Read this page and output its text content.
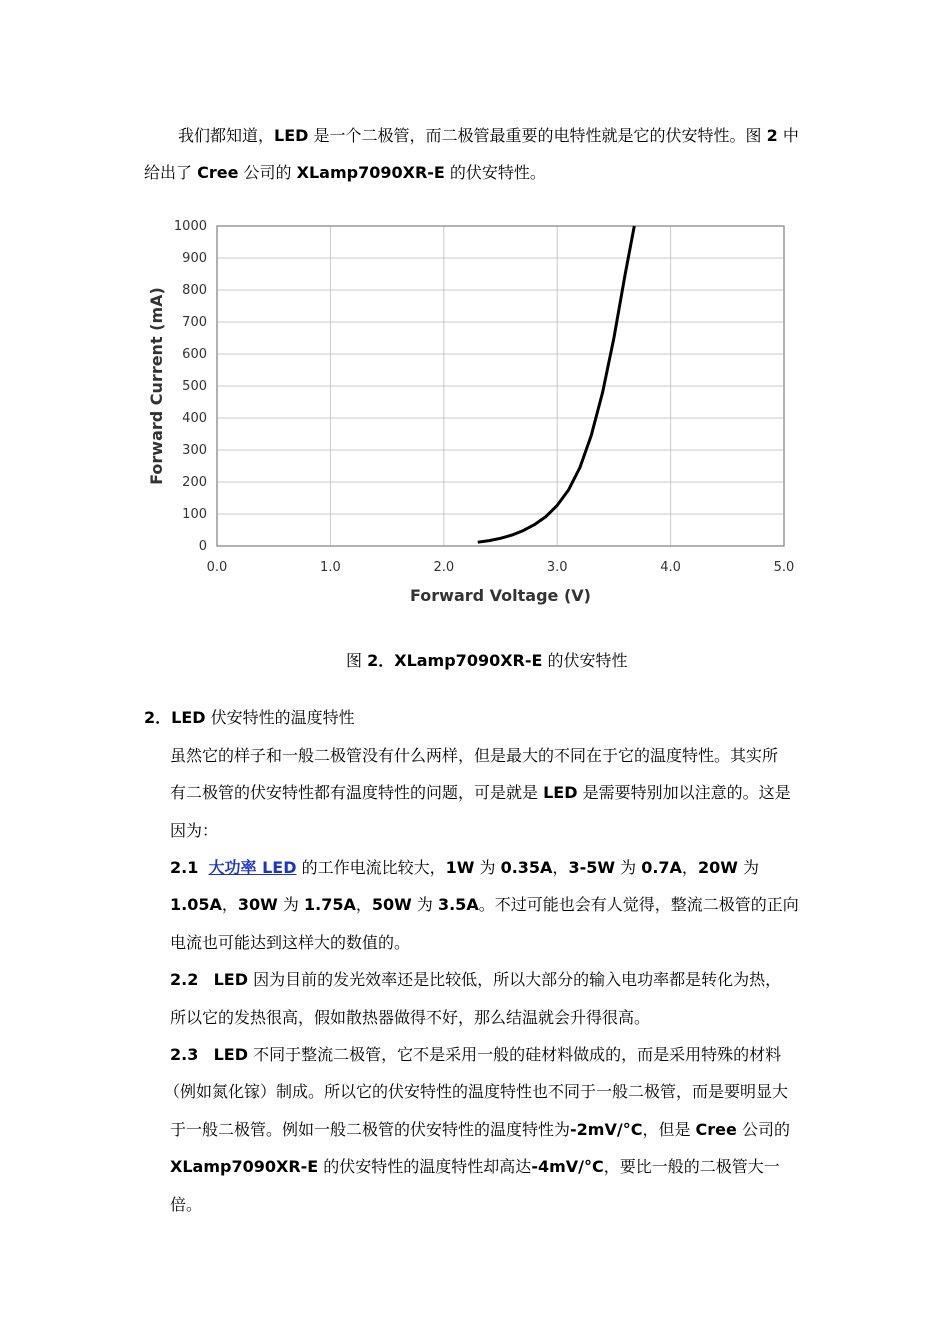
我们都知道，LED 是一个二极管，而二极管最重要的电特性就是它的伏安特性。图 2 中
给出了 Cree 公司的 XLamp7090XR-E 的伏安特性。
0
100
200
300
400
500
600
700
800
900
1000
0.0	1.0	2.0	3.0	4.0	5.0
Forward Voltage (V)
Forward Current (mA)
图 2．XLamp7090XR-E 的伏安特性
2．LED 伏安特性的温度特性
虽然它的样子和一般二极管没有什么两样，但是最大的不同在于它的温度特性。其实所
有二极管的伏安特性都有温度特性的问题，可是就是 LED 是需要特别加以注意的。这是
因为：
2.1 大功率 LED 的工作电流比较大，1W 为 0.35A，3-5W 为 0.7A，20W 为
1.05A，30W 为 1.75A，50W 为 3.5A。不过可能也会有人觉得，整流二极管的正向
电流也可能达到这样大的数值的。
2.2 LED 因为目前的发光效率还是比较低，所以大部分的输入电功率都是转化为热，
所以它的发热很高，假如散热器做得不好，那么结温就会升得很高。
2.3 LED 不同于整流二极管，它不是采用一般的硅材料做成的，而是采用特殊的材料
（例如氮化镓）制成。所以它的伏安特性的温度特性也不同于一般二极管，而是要明显大
于一般二极管。例如一般二极管的伏安特性的温度特性为-2mV/°C，但是 Cree 公司的
XLamp7090XR-E 的伏安特性的温度特性却高达-4mV/°C，要比一般的二极管大一
倍。
